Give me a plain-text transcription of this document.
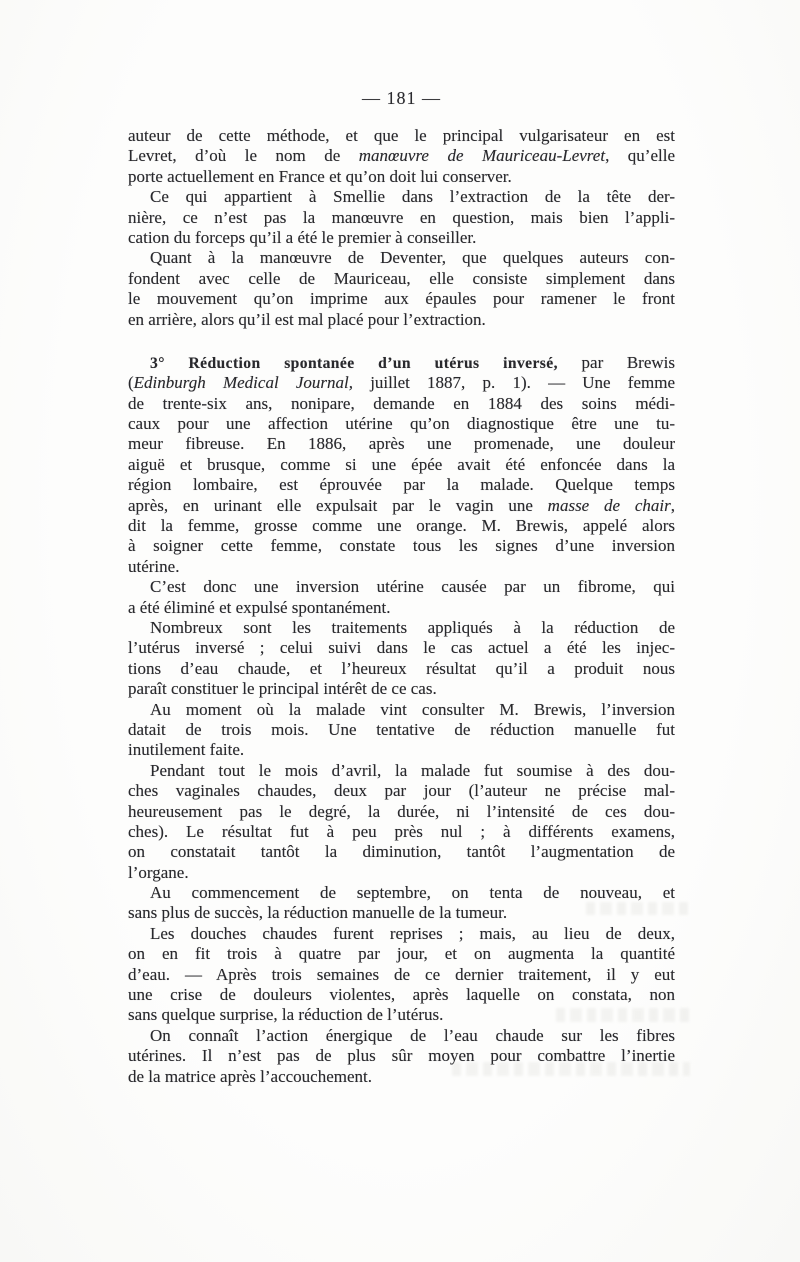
— 181 —
auteur de cette méthode, et que le principal vulgarisateur en est
Levret, d’où le nom de manœuvre de Mauriceau-Levret, qu’elle
porte actuellement en France et qu’on doit lui conserver.
Ce qui appartient à Smellie dans l’extraction de la tête der-
nière, ce n’est pas la manœuvre en question, mais bien l’appli-
cation du forceps qu’il a été le premier à conseiller.
Quant à la manœuvre de Deventer, que quelques auteurs con-
fondent avec celle de Mauriceau, elle consiste simplement dans
le mouvement qu’on imprime aux épaules pour ramener le front
en arrière, alors qu’il est mal placé pour l’extraction.
3° Réduction spontanée d’un utérus inversé, par Brewis
(Edinburgh Medical Journal, juillet 1887, p. 1). — Une femme
de trente-six ans, nonipare, demande en 1884 des soins médi-
caux pour une affection utérine qu’on diagnostique être une tu-
meur fibreuse. En 1886, après une promenade, une douleur
aiguë et brusque, comme si une épée avait été enfoncée dans la
région lombaire, est éprouvée par la malade. Quelque temps
après, en urinant elle expulsait par le vagin une masse de chair,
dit la femme, grosse comme une orange. M. Brewis, appelé alors
à soigner cette femme, constate tous les signes d’une inversion
utérine.
C’est donc une inversion utérine causée par un fibrome, qui
a été éliminé et expulsé spontanément.
Nombreux sont les traitements appliqués à la réduction de
l’utérus inversé ; celui suivi dans le cas actuel a été les injec-
tions d’eau chaude, et l’heureux résultat qu’il a produit nous
paraît constituer le principal intérêt de ce cas.
Au moment où la malade vint consulter M. Brewis, l’inversion
datait de trois mois. Une tentative de réduction manuelle fut
inutilement faite.
Pendant tout le mois d’avril, la malade fut soumise à des dou-
ches vaginales chaudes, deux par jour (l’auteur ne précise mal-
heureusement pas le degré, la durée, ni l’intensité de ces dou-
ches). Le résultat fut à peu près nul ; à différents examens,
on constatait tantôt la diminution, tantôt l’augmentation de
l’organe.
Au commencement de septembre, on tenta de nouveau, et
sans plus de succès, la réduction manuelle de la tumeur.
Les douches chaudes furent reprises ; mais, au lieu de deux,
on en fit trois à quatre par jour, et on augmenta la quantité
d’eau. — Après trois semaines de ce dernier traitement, il y eut
une crise de douleurs violentes, après laquelle on constata, non
sans quelque surprise, la réduction de l’utérus.
On connaît l’action énergique de l’eau chaude sur les fibres
utérines. Il n’est pas de plus sûr moyen pour combattre l’inertie
de la matrice après l’accouchement.
